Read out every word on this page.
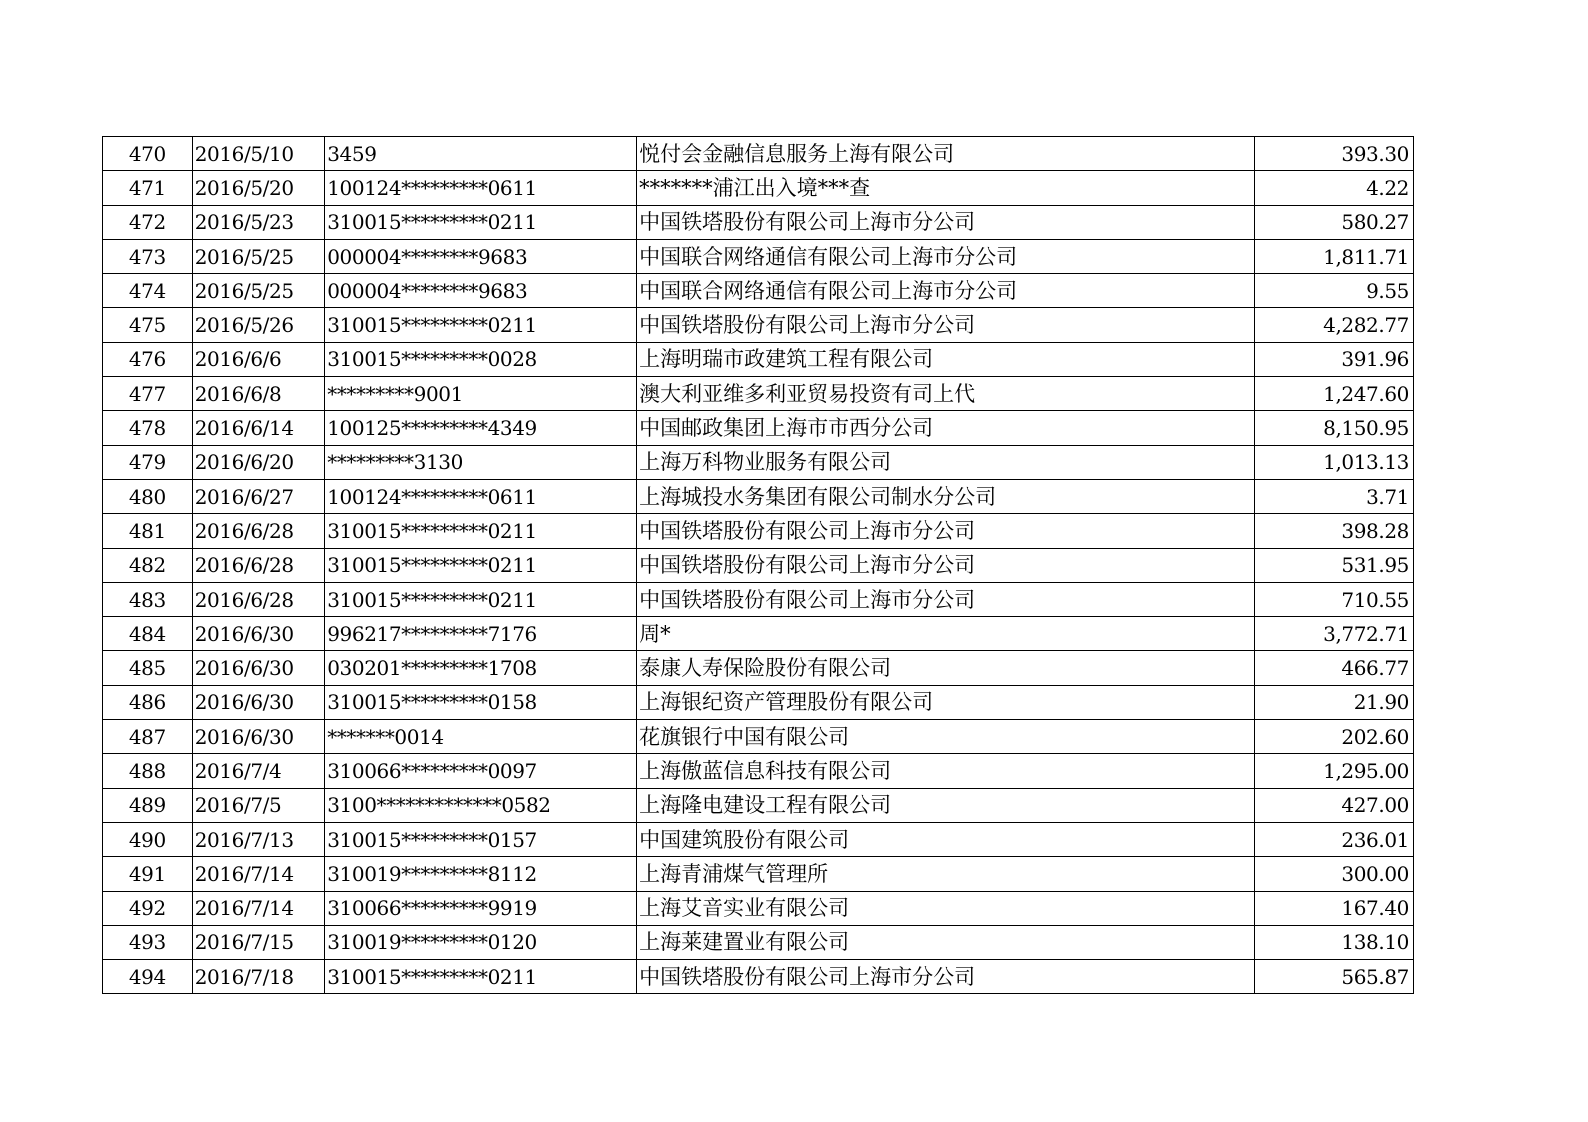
470	2016/5/10	3459	悦付会金融信息服务上海有限公司	393.30
471	2016/5/20	100124*********0611	*******浦江出入境***查	4.22
472	2016/5/23	310015*********0211	中国铁塔股份有限公司上海市分公司	580.27
473	2016/5/25	000004********9683	中国联合网络通信有限公司上海市分公司	1,811.71
474	2016/5/25	000004********9683	中国联合网络通信有限公司上海市分公司	9.55
475	2016/5/26	310015*********0211	中国铁塔股份有限公司上海市分公司	4,282.77
476	2016/6/6	310015*********0028	上海明瑞市政建筑工程有限公司	391.96
477	2016/6/8	*********9001	澳大利亚维多利亚贸易投资有司上代	1,247.60
478	2016/6/14	100125*********4349	中国邮政集团上海市市西分公司	8,150.95
479	2016/6/20	*********3130	上海万科物业服务有限公司	1,013.13
480	2016/6/27	100124*********0611	上海城投水务集团有限公司制水分公司	3.71
481	2016/6/28	310015*********0211	中国铁塔股份有限公司上海市分公司	398.28
482	2016/6/28	310015*********0211	中国铁塔股份有限公司上海市分公司	531.95
483	2016/6/28	310015*********0211	中国铁塔股份有限公司上海市分公司	710.55
484	2016/6/30	996217*********7176	周*	3,772.71
485	2016/6/30	030201*********1708	泰康人寿保险股份有限公司	466.77
486	2016/6/30	310015*********0158	上海银纪资产管理股份有限公司	21.90
487	2016/6/30	*******0014	花旗银行中国有限公司	202.60
488	2016/7/4	310066*********0097	上海傲蓝信息科技有限公司	1,295.00
489	2016/7/5	3100*************0582	上海隆电建设工程有限公司	427.00
490	2016/7/13	310015*********0157	中国建筑股份有限公司	236.01
491	2016/7/14	310019*********8112	上海青浦煤气管理所	300.00
492	2016/7/14	310066*********9919	上海艾音实业有限公司	167.40
493	2016/7/15	310019*********0120	上海莱建置业有限公司	138.10
494	2016/7/18	310015*********0211	中国铁塔股份有限公司上海市分公司	565.87
